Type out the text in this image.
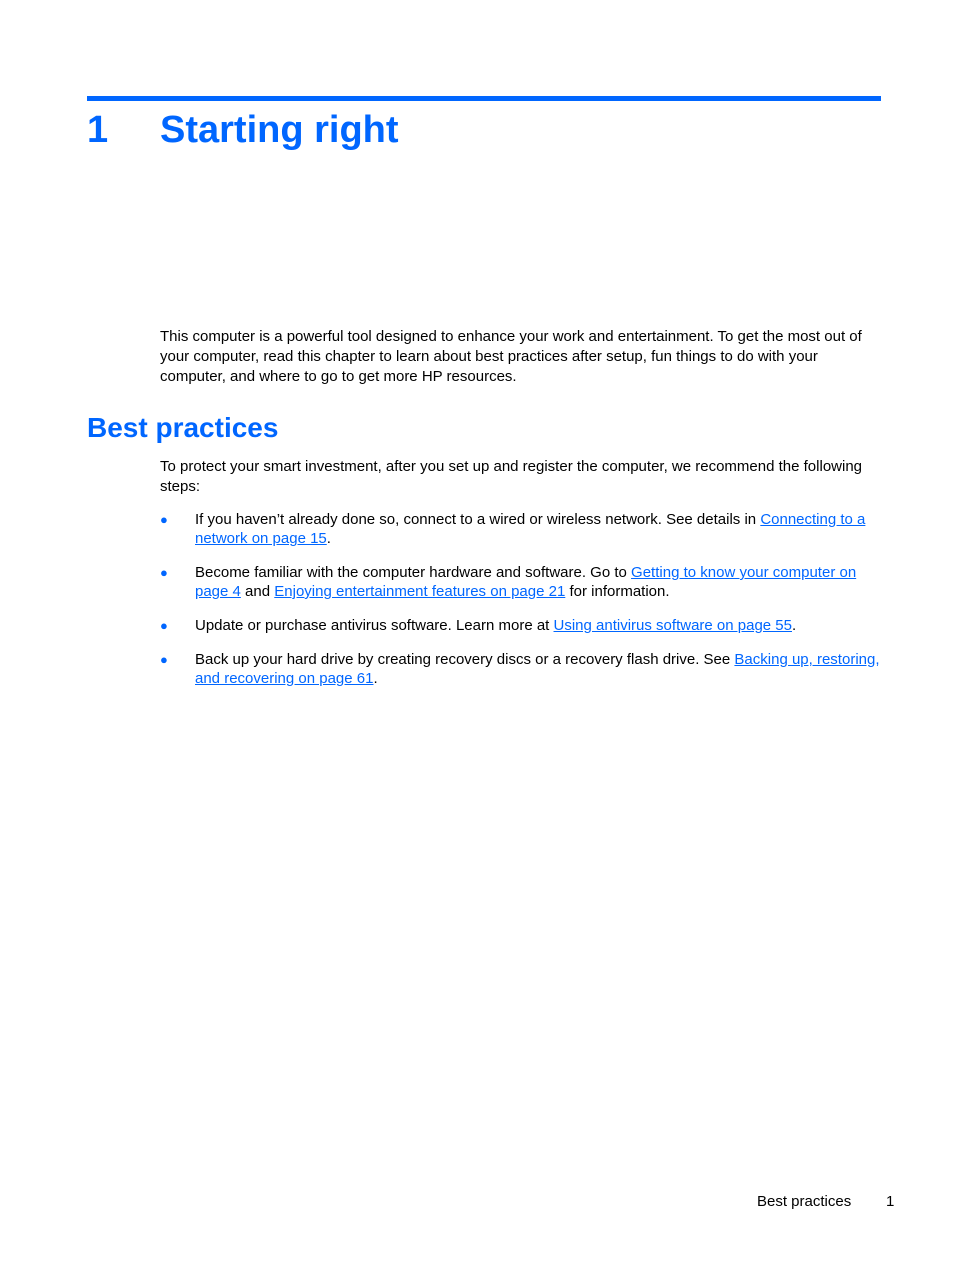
1 Starting right

This computer is a powerful tool designed to enhance your work and entertainment. To get the most out of your computer, read this chapter to learn about best practices after setup, fun things to do with your computer, and where to go to get more HP resources.

Best practices

To protect your smart investment, after you set up and register the computer, we recommend the following steps:

● If you haven’t already done so, connect to a wired or wireless network. See details in Connecting to a network on page 15.
● Become familiar with the computer hardware and software. Go to Getting to know your computer on page 4 and Enjoying entertainment features on page 21 for information.
● Update or purchase antivirus software. Learn more at Using antivirus software on page 55.
● Back up your hard drive by creating recovery discs or a recovery flash drive. See Backing up, restoring, and recovering on page 61.
Best practices 1
